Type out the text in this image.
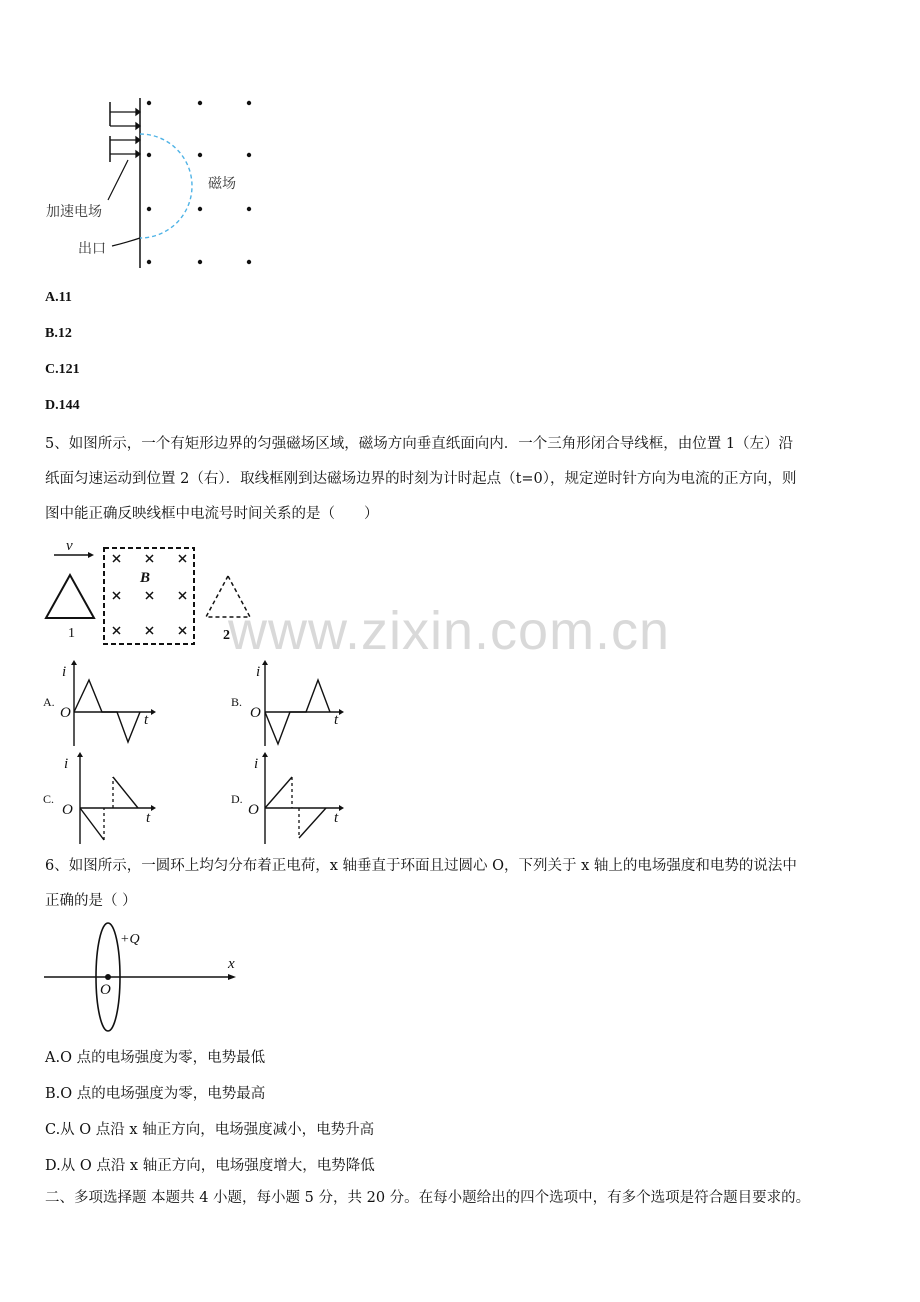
磁场
加速电场
出口
A.11
B.12
C.121
D.144
5、如图所示，一个有矩形边界的匀强磁场区域，磁场方向垂直纸面向内．一个三角形闭合导线框，由位置 1（左）沿
纸面匀速运动到位置 2（右）．取线框刚到达磁场边界的时刻为计时起点（t=0），规定逆时针方向为电流的正方向，则
图中能正确反映线框中电流号时间关系的是（　　）
v
B
1	2
A.
i
O	t
B.
i
O	t
C.
i
O	t
D.
i
O	t
6、如图所示，一圆环上均匀分布着正电荷，x 轴垂直于环面且过圆心 O，下列关于 x 轴上的电场强度和电势的说法中
正确的是（ ）
+Q
x
O
A.O 点的电场强度为零，电势最低
B.O 点的电场强度为零，电势最高
C.从 O 点沿 x 轴正方向，电场强度减小，电势升高
D.从 O 点沿 x 轴正方向，电场强度增大，电势降低
二、多项选择题 本题共 4 小题，每小题 5 分，共 20 分。在每小题给出的四个选项中，有多个选项是符合题目要求的。
www.zixin.com.cn
